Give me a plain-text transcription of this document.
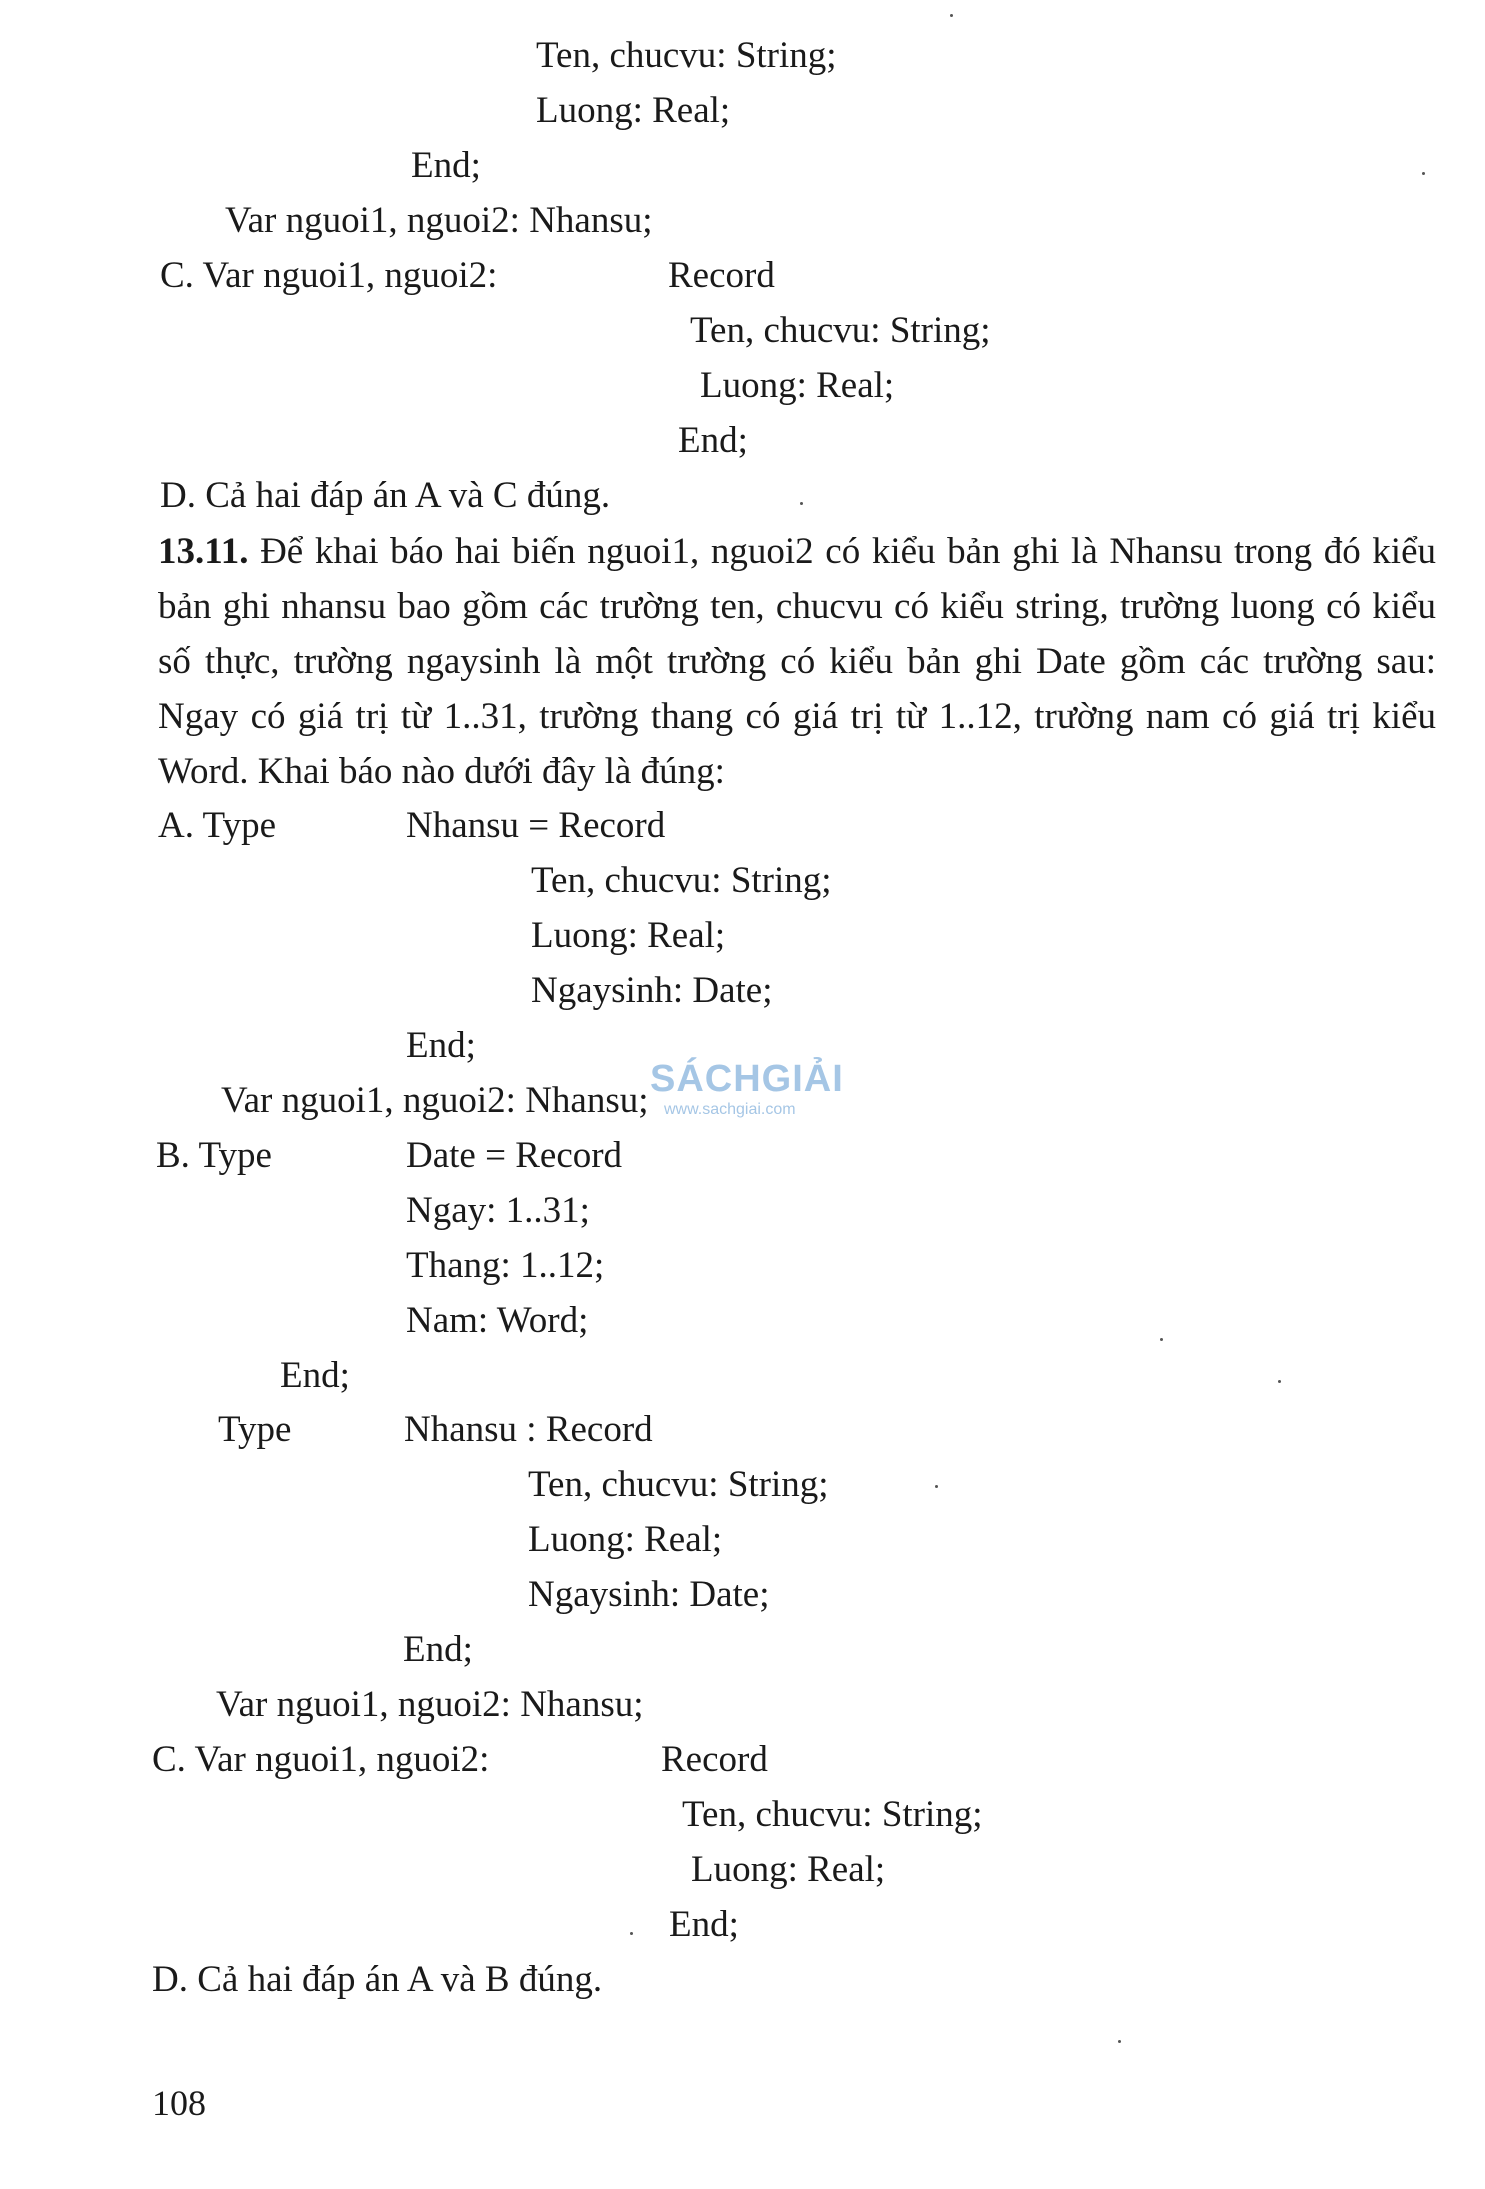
Ten, chucvu: String;
Luong: Real;
End;
Var nguoi1, nguoi2: Nhansu;
C. Var nguoi1, nguoi2:	Record
Ten, chucvu: String;
Luong: Real;
End;
D. Cả hai đáp án A và C đúng.
13.11. Để khai báo hai biến nguoi1, nguoi2 có kiểu bản ghi là Nhansu trong đó kiểu bản ghi nhansu bao gồm các trường ten, chucvu có kiểu string, trường luong có kiểu số thực, trường ngaysinh là một trường có kiểu bản ghi Date gồm các trường sau: Ngay có giá trị từ 1..31, trường thang có giá trị từ 1..12, trường nam có giá trị kiểu Word. Khai báo nào dưới đây là đúng:
A. Type	Nhansu = Record
Ten, chucvu: String;
Luong: Real;
Ngaysinh: Date;
End;
Var nguoi1, nguoi2: Nhansu;
B. Type	Date = Record
Ngay: 1..31;
Thang: 1..12;
Nam: Word;
End;
Type	Nhansu : Record
Ten, chucvu: String;
Luong: Real;
Ngaysinh: Date;
End;
Var nguoi1, nguoi2: Nhansu;
C. Var nguoi1, nguoi2:	Record
Ten, chucvu: String;
Luong: Real;
End;
D. Cả hai đáp án A và B đúng.
SÁCHGIẢI
www.sachgiai.com
108
